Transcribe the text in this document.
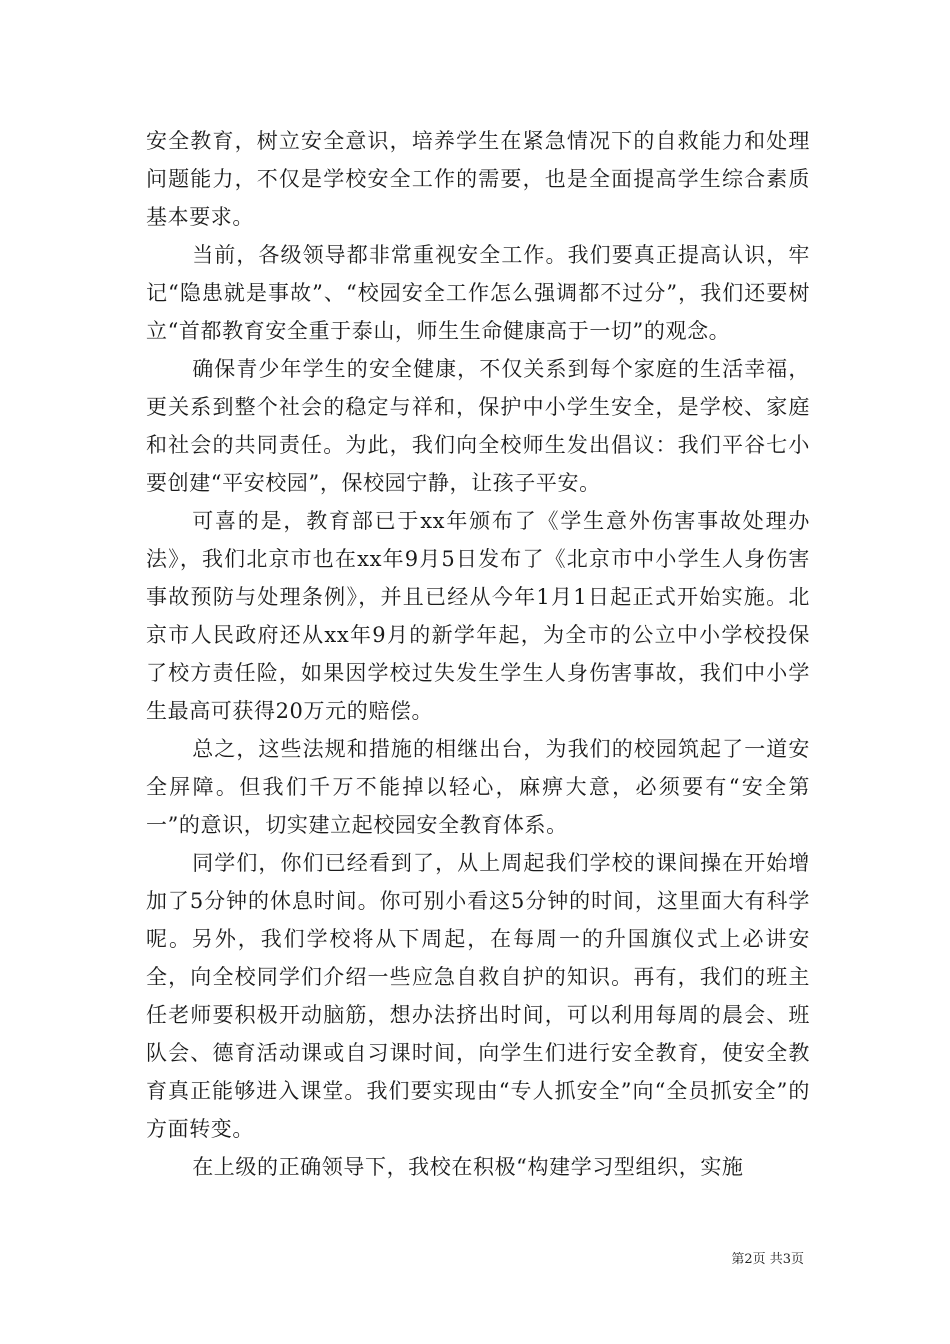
安全教育，树立安全意识，培养学生在紧急情况下的自救能力和处理问题能力，不仅是学校安全工作的需要，也是全面提高学生综合素质基本要求。

当前，各级领导都非常重视安全工作。我们要真正提高认识，牢记“隐患就是事故”、“校园安全工作怎么强调都不过分”，我们还要树立“首都教育安全重于泰山，师生生命健康高于一切”的观念。

确保青少年学生的安全健康，不仅关系到每个家庭的生活幸福，更关系到整个社会的稳定与祥和，保护中小学生安全，是学校、家庭和社会的共同责任。为此，我们向全校师生发出倡议：我们平谷七小要创建“平安校园”，保校园宁静，让孩子平安。

可喜的是，教育部已于xx年颁布了《学生意外伤害事故处理办法》，我们北京市也在xx年9月5日发布了《北京市中小学生人身伤害事故预防与处理条例》，并且已经从今年1月1日起正式开始实施。北京市人民政府还从xx年9月的新学年起，为全市的公立中小学校投保了校方责任险，如果因学校过失发生学生人身伤害事故，我们中小学生最高可获得20万元的赔偿。

总之，这些法规和措施的相继出台，为我们的校园筑起了一道安全屏障。但我们千万不能掉以轻心，麻痹大意，必须要有“安全第一”的意识，切实建立起校园安全教育体系。

同学们，你们已经看到了，从上周起我们学校的课间操在开始增加了5分钟的休息时间。你可别小看这5分钟的时间，这里面大有科学呢。另外，我们学校将从下周起，在每周一的升国旗仪式上必讲安全，向全校同学们介绍一些应急自救自护的知识。再有，我们的班主任老师要积极开动脑筋，想办法挤出时间，可以利用每周的晨会、班队会、德育活动课或自习课时间，向学生们进行安全教育，使安全教育真正能够进入课堂。我们要实现由“专人抓安全”向“全员抓安全”的方面转变。

在上级的正确领导下，我校在积极“构建学习型组织，实施

第2页 共3页
